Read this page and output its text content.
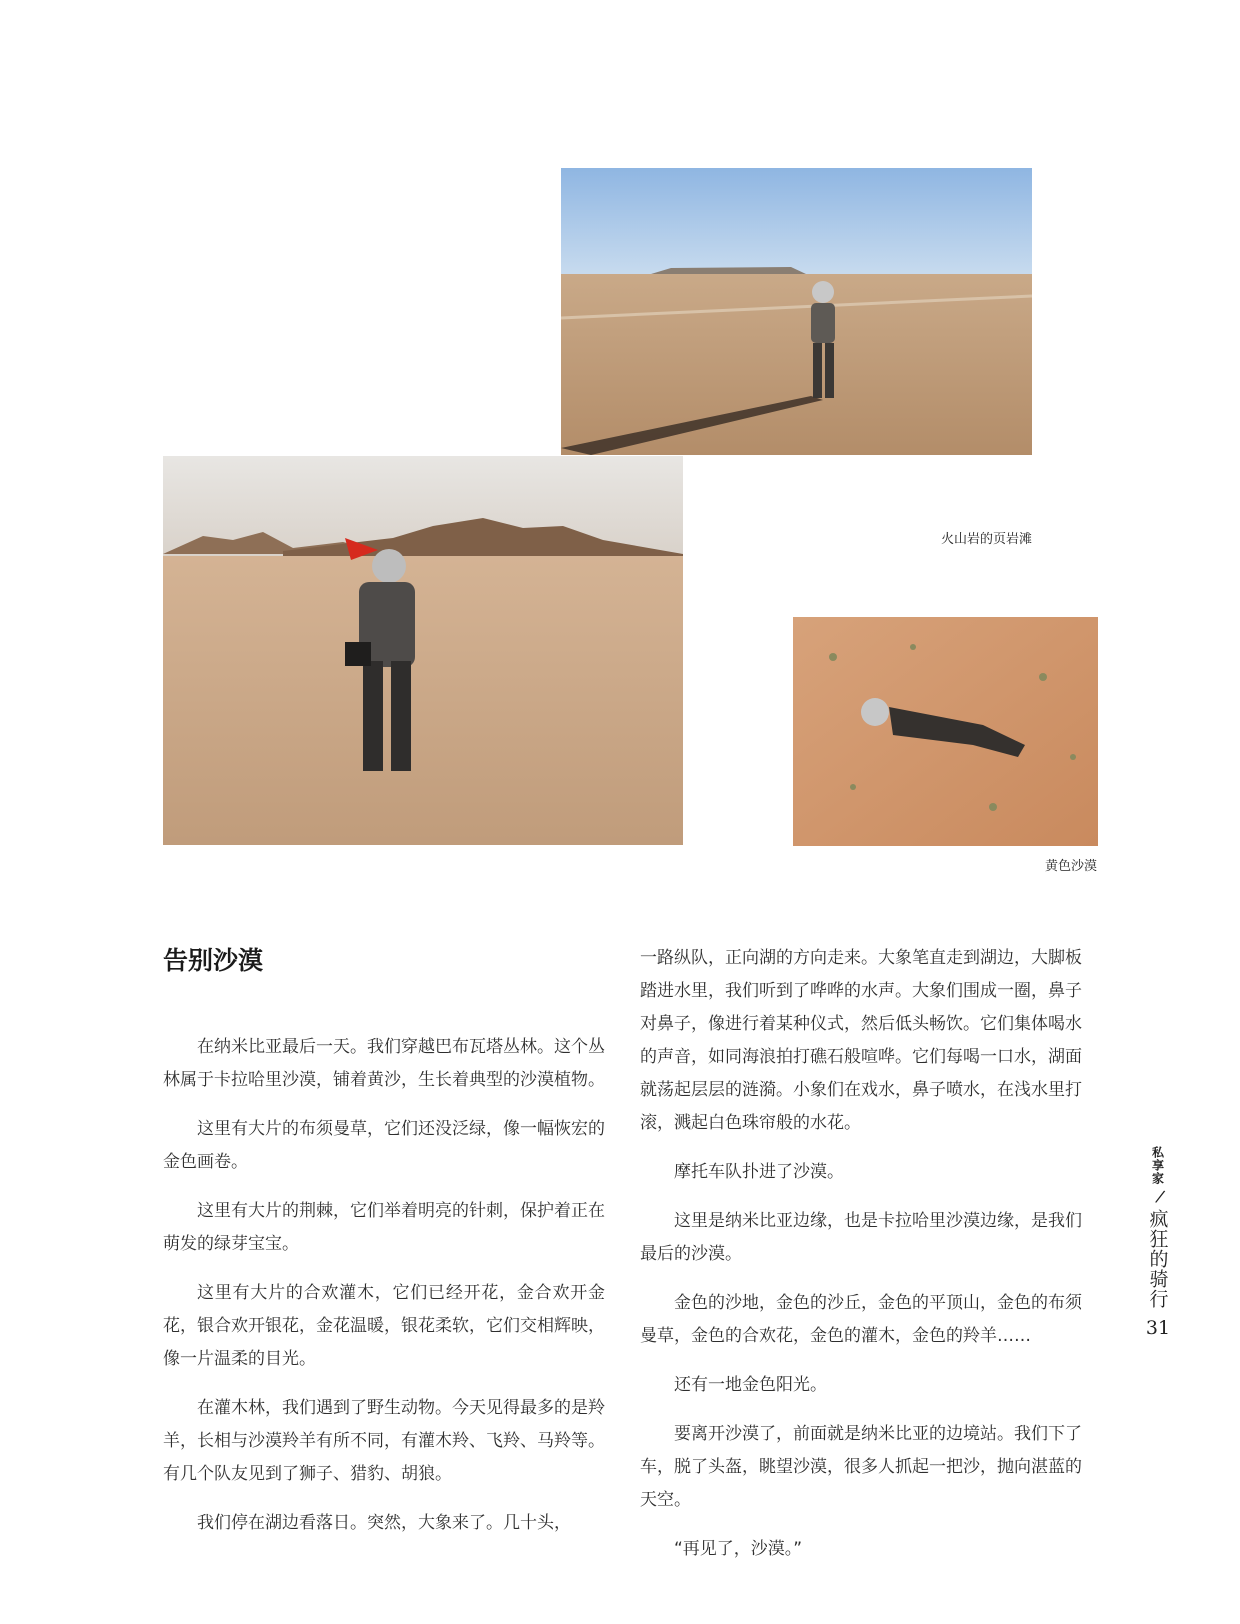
火山岩的页岩滩
黄色沙漠
告别沙漠

在纳米比亚最后一天。我们穿越巴布瓦塔丛林。这个丛林属于卡拉哈里沙漠，铺着黄沙，生长着典型的沙漠植物。

这里有大片的布须曼草，它们还没泛绿，像一幅恢宏的金色画卷。

这里有大片的荆棘，它们举着明亮的针刺，保护着正在萌发的绿芽宝宝。

这里有大片的合欢灌木，它们已经开花，金合欢开金花，银合欢开银花，金花温暖，银花柔软，它们交相辉映，像一片温柔的目光。

在灌木林，我们遇到了野生动物。今天见得最多的是羚羊，长相与沙漠羚羊有所不同，有灌木羚、飞羚、马羚等。有几个队友见到了狮子、猎豹、胡狼。

我们停在湖边看落日。突然，大象来了。几十头，

一路纵队，正向湖的方向走来。大象笔直走到湖边，大脚板踏进水里，我们听到了哗哗的水声。大象们围成一圈，鼻子对鼻子，像进行着某种仪式，然后低头畅饮。它们集体喝水的声音，如同海浪拍打礁石般喧哗。它们每喝一口水，湖面就荡起层层的涟漪。小象们在戏水，鼻子喷水，在浅水里打滚，溅起白色珠帘般的水花。

摩托车队扑进了沙漠。

这里是纳米比亚边缘，也是卡拉哈里沙漠边缘，是我们最后的沙漠。

金色的沙地，金色的沙丘，金色的平顶山，金色的布须曼草，金色的合欢花，金色的灌木，金色的羚羊……

还有一地金色阳光。

要离开沙漠了，前面就是纳米比亚的边境站。我们下了车，脱了头盔，眺望沙漠，很多人抓起一把沙，抛向湛蓝的天空。

“再见了，沙漠。”

私享家
/
疯狂的骑行
31
